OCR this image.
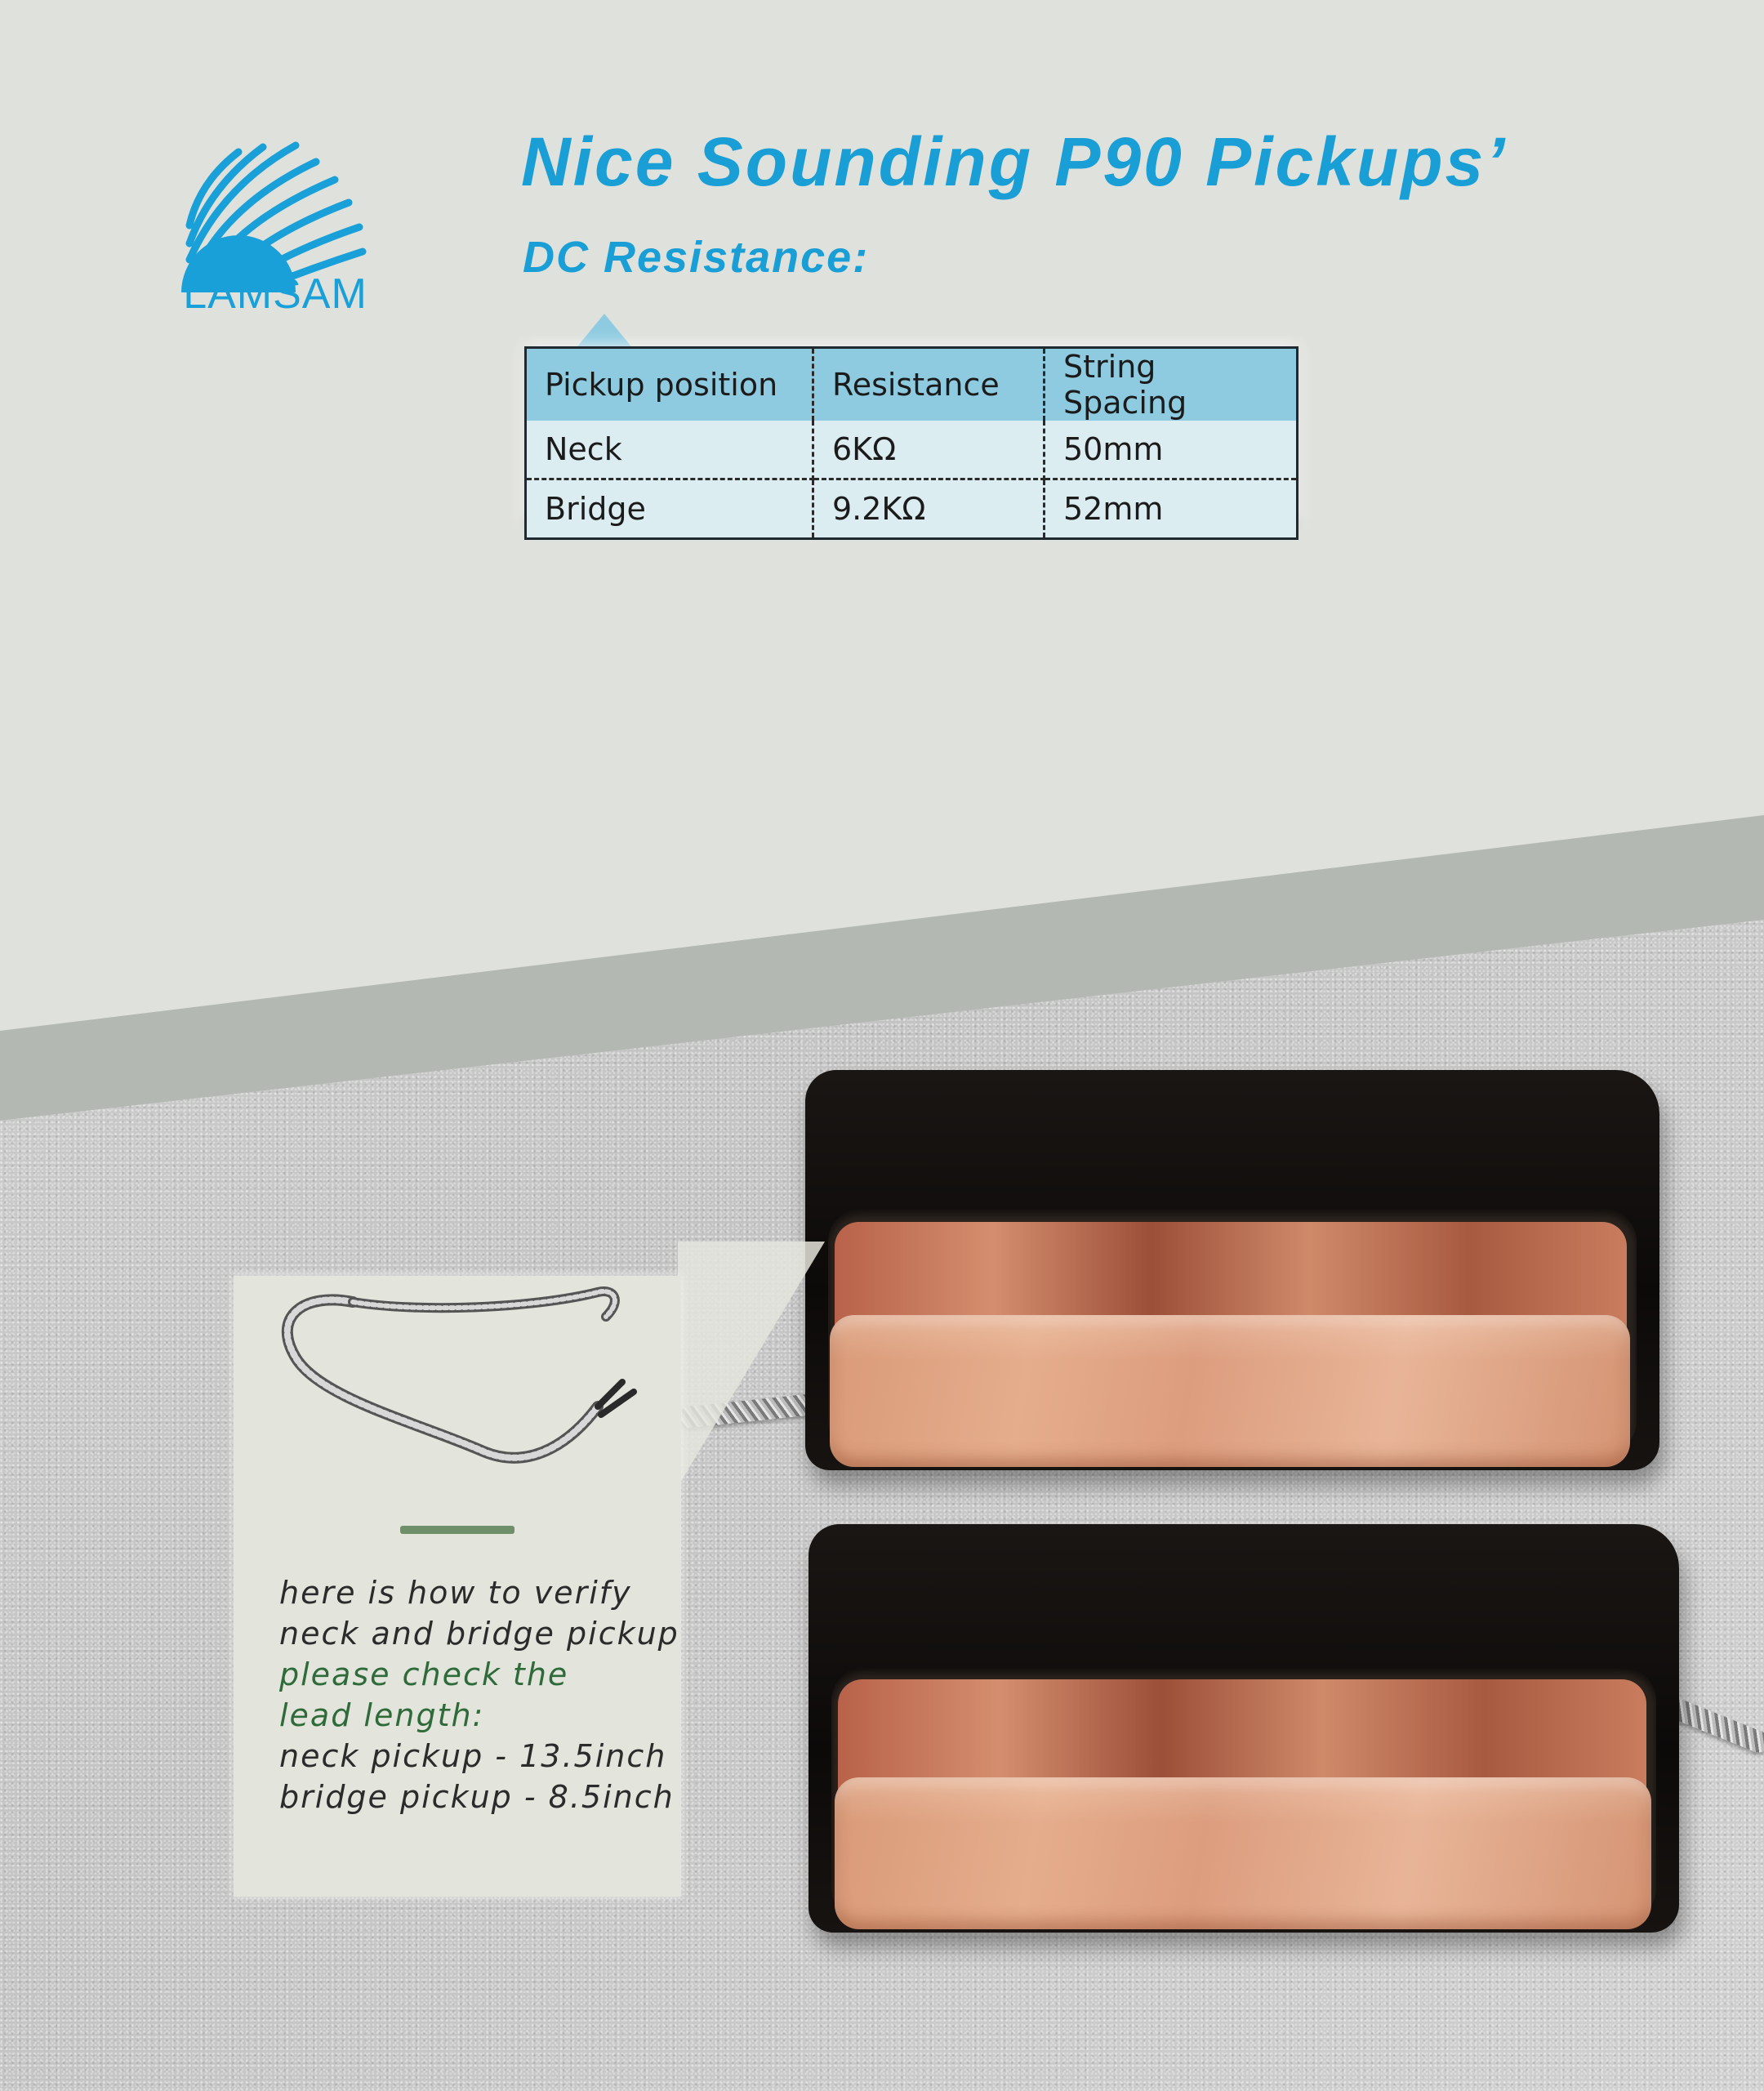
LAMSAM
Nice Sounding P90 Pickups’
DC Resistance:
Pickup position	Resistance	String Spacing
Neck	6KΩ	50mm
Bridge	9.2KΩ	52mm

here is how to verify

neck and bridge pickup

please check the

lead length:

neck pickup - 13.5inch

bridge pickup - 8.5inch
